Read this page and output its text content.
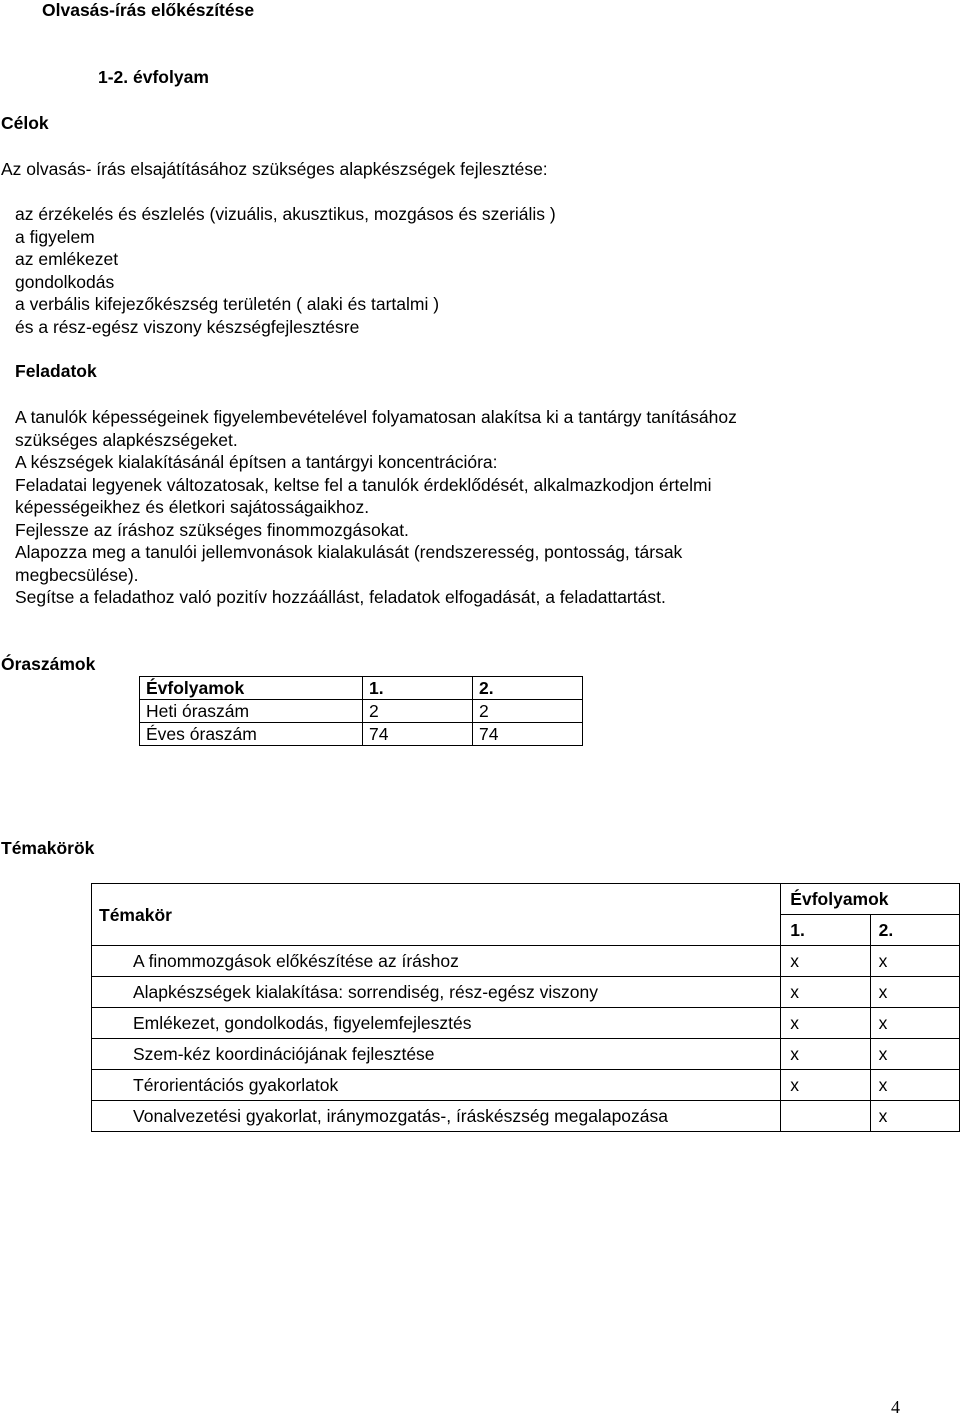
Olvasás-írás előkészítése
1-2. évfolyam
Célok
Az olvasás- írás elsajátításához szükséges alapkészségek fejlesztése:
az érzékelés és észlelés (vizuális, akusztikus, mozgásos és szeriális )
a figyelem
az emlékezet
gondolkodás
a verbális kifejezőkészség területén ( alaki és tartalmi )
és a rész-egész viszony készségfejlesztésre
Feladatok
A tanulók képességeinek figyelembevételével folyamatosan alakítsa ki a tantárgy tanításához
szükséges alapkészségeket.
A készségek kialakításánál építsen a tantárgyi koncentrációra:
Feladatai legyenek változatosak, keltse fel a tanulók érdeklődését, alkalmazkodjon értelmi
képességeikhez és életkori sajátosságaikhoz.
Fejlessze az íráshoz szükséges finommozgásokat.
Alapozza meg a tanulói jellemvonások kialakulását (rendszeresség, pontosság, társak
megbecsülése).
Segítse a feladathoz való pozitív hozzáállást, feladatok elfogadását, a feladattartást.
Óraszámok
Évfolyamok	1.	2.
Heti óraszám	2	2
Éves óraszám	74	74
Témakörök
Témakör	Évfolyamok	
	1.	2.
A finommozgások előkészítése az íráshoz	x	x
Alapkészségek kialakítása: sorrendiség, rész-egész viszony	x	x
Emlékezet, gondolkodás, figyelemfejlesztés	x	x
Szem-kéz koordinációjának fejlesztése	x	x
Térorientációs gyakorlatok	x	x
Vonalvezetési gyakorlat, iránymozgatás-, íráskészség megalapozása		x
4
